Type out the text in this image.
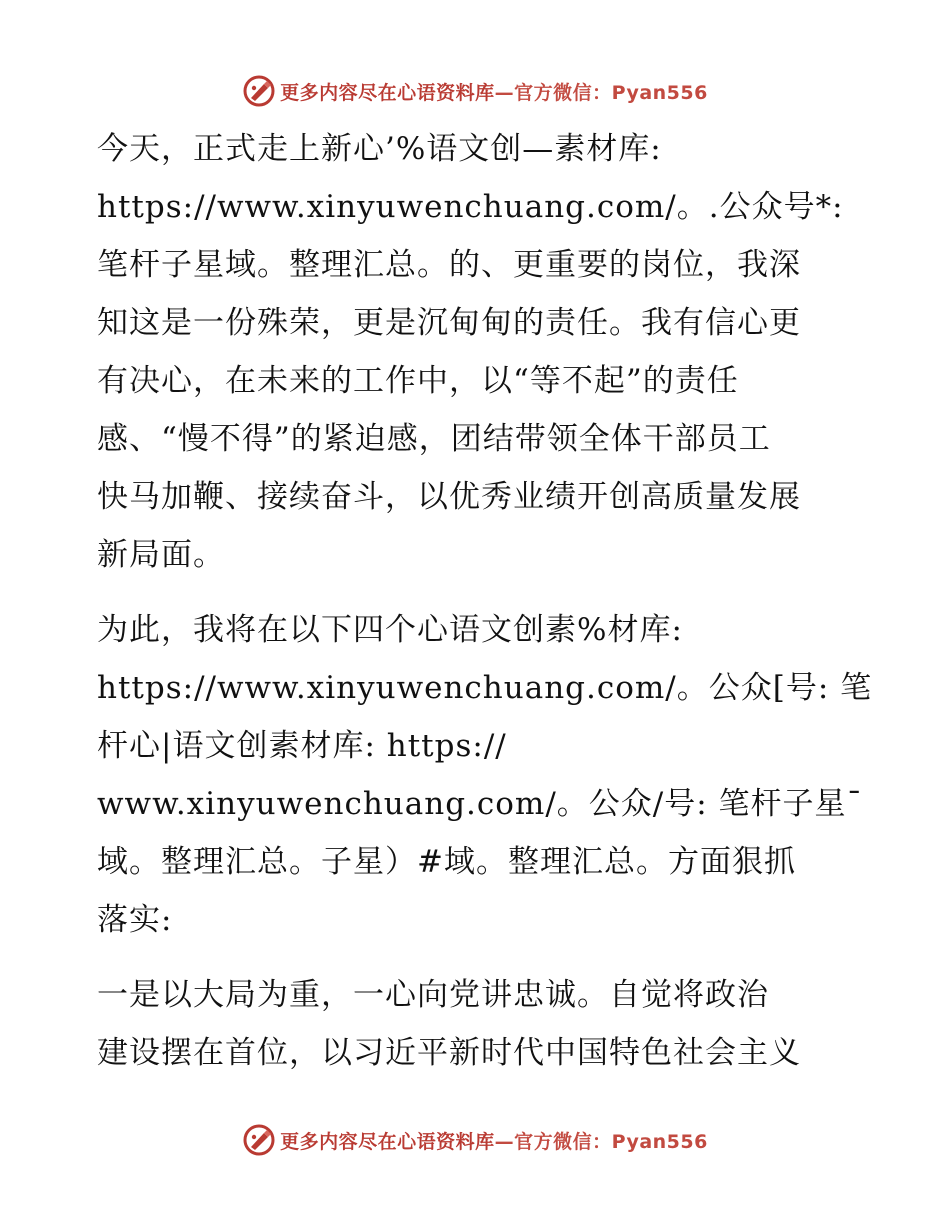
更多内容尽在心语资料库—官方微信：Pyan556

今天，正式走上新心’%语文创—素材库:
https://www.xinyuwenchuang.com/。.公众号*:
笔杆子星域。整理汇总。的、更重要的岗位，我深
知这是一份殊荣，更是沉甸甸的责任。我有信心更
有决心，在未来的工作中，以“等不起”的责任
感、“慢不得”的紧迫感，团结带领全体干部员工
快马加鞭、接续奋斗，以优秀业绩开创高质量发展
新局面。

为此，我将在以下四个心语文创素%材库:
https://www.xinyuwenchuang.com/。公众[号: 笔
杆心|语文创素材库: https://
www.xinyuwenchuang.com/。公众/号: 笔杆子星¯
域。整理汇总。子星）#域。整理汇总。方面狠抓
落实:

一是以大局为重，一心向党讲忠诚。自觉将政治
建设摆在首位，以习近平新时代中国特色社会主义

更多内容尽在心语资料库—官方微信：Pyan556
